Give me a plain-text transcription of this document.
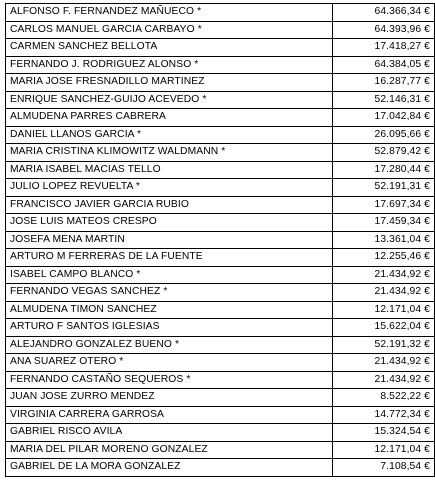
ALFONSO F. FERNANDEZ MAÑUECO *	64.366,34 €
CARLOS MANUEL GARCIA CARBAYO *	64.393,96 €
CARMEN SANCHEZ BELLOTA	17.418,27 €
FERNANDO J. RODRIGUEZ ALONSO *	64.384,05 €
MARIA JOSE FRESNADILLO MARTINEZ	16.287,77 €
ENRIQUE SANCHEZ-GUIJO ACEVEDO *	52.146,31 €
ALMUDENA PARRES CABRERA	17.042,84 €
DANIEL LLANOS GARCIA *	26.095,66 €
MARIA CRISTINA KLIMOWITZ WALDMANN *	52.879,42 €
MARIA ISABEL MACIAS TELLO	17.280,44 €
JULIO LOPEZ REVUELTA *	52.191,31 €
FRANCISCO JAVIER GARCIA RUBIO	17.697,34 €
JOSE LUIS MATEOS CRESPO	17.459,34 €
JOSEFA MENA MARTIN	13.361,04 €
ARTURO M FERRERAS DE LA FUENTE	12.255,46 €
ISABEL CAMPO BLANCO *	21.434,92 €
FERNANDO VEGAS SANCHEZ *	21.434,92 €
ALMUDENA TIMON SANCHEZ	12.171,04 €
ARTURO F SANTOS IGLESIAS	15.622,04 €
ALEJANDRO GONZALEZ BUENO *	52.191,32 €
ANA SUAREZ OTERO *	21.434,92 €
FERNANDO CASTAÑO SEQUEROS *	21.434,92 €
JUAN JOSE ZURRO MENDEZ	8.522,22 €
VIRGINIA CARRERA GARROSA	14.772,34 €
GABRIEL RISCO AVILA	15.324,54 €
MARIA DEL PILAR MORENO GONZALEZ	12.171,04 €
GABRIEL DE LA MORA GONZALEZ	7.108,54 €
